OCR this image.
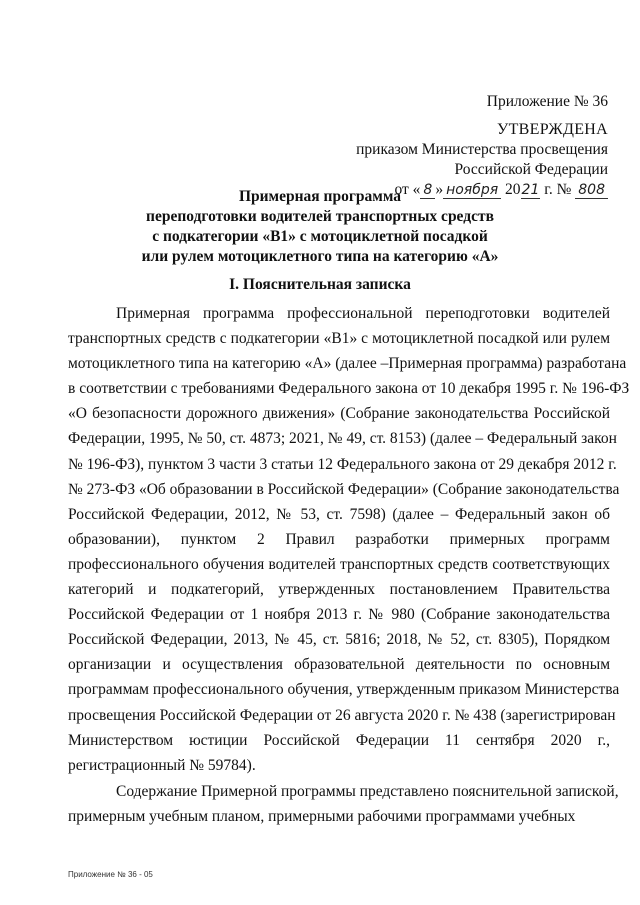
Приложение № 36
УТВЕРЖДЕНА
приказом Министерства просвещения
Российской Федерации
от « 8 » ноября 2021 г. № 808
Примерная программа
переподготовки водителей транспортных средств
с подкатегории «B1» с мотоциклетной посадкой
или рулем мотоциклетного типа на категорию «A»
I. Пояснительная записка
Примерная программа профессиональной переподготовки водителей
транспортных средств с подкатегории «B1» с мотоциклетной посадкой или рулем
мотоциклетного типа на категорию «A» (далее –Примерная программа) разработана
в соответствии с требованиями Федерального закона от 10 декабря 1995 г. № 196-ФЗ
«О безопасности дорожного движения» (Собрание законодательства Российской
Федерации, 1995, № 50, ст. 4873; 2021, № 49, ст. 8153) (далее – Федеральный закон
№ 196-ФЗ), пунктом 3 части 3 статьи 12 Федерального закона от 29 декабря 2012 г.
№ 273-ФЗ «Об образовании в Российской Федерации» (Собрание законодательства
Российской Федерации, 2012, № 53, ст. 7598) (далее – Федеральный закон об
образовании), пунктом 2 Правил разработки примерных программ
профессионального обучения водителей транспортных средств соответствующих
категорий и подкатегорий, утвержденных постановлением Правительства
Российской Федерации от 1 ноября 2013 г. № 980 (Собрание законодательства
Российской Федерации, 2013, № 45, ст. 5816; 2018, № 52, ст. 8305), Порядком
организации и осуществления образовательной деятельности по основным
программам профессионального обучения, утвержденным приказом Министерства
просвещения Российской Федерации от 26 августа 2020 г. № 438 (зарегистрирован
Министерством юстиции Российской Федерации 11 сентября 2020 г.,
регистрационный № 59784).
Содержание Примерной программы представлено пояснительной запиской,
примерным учебным планом, примерными рабочими программами учебных
Приложение № 36 - 05
